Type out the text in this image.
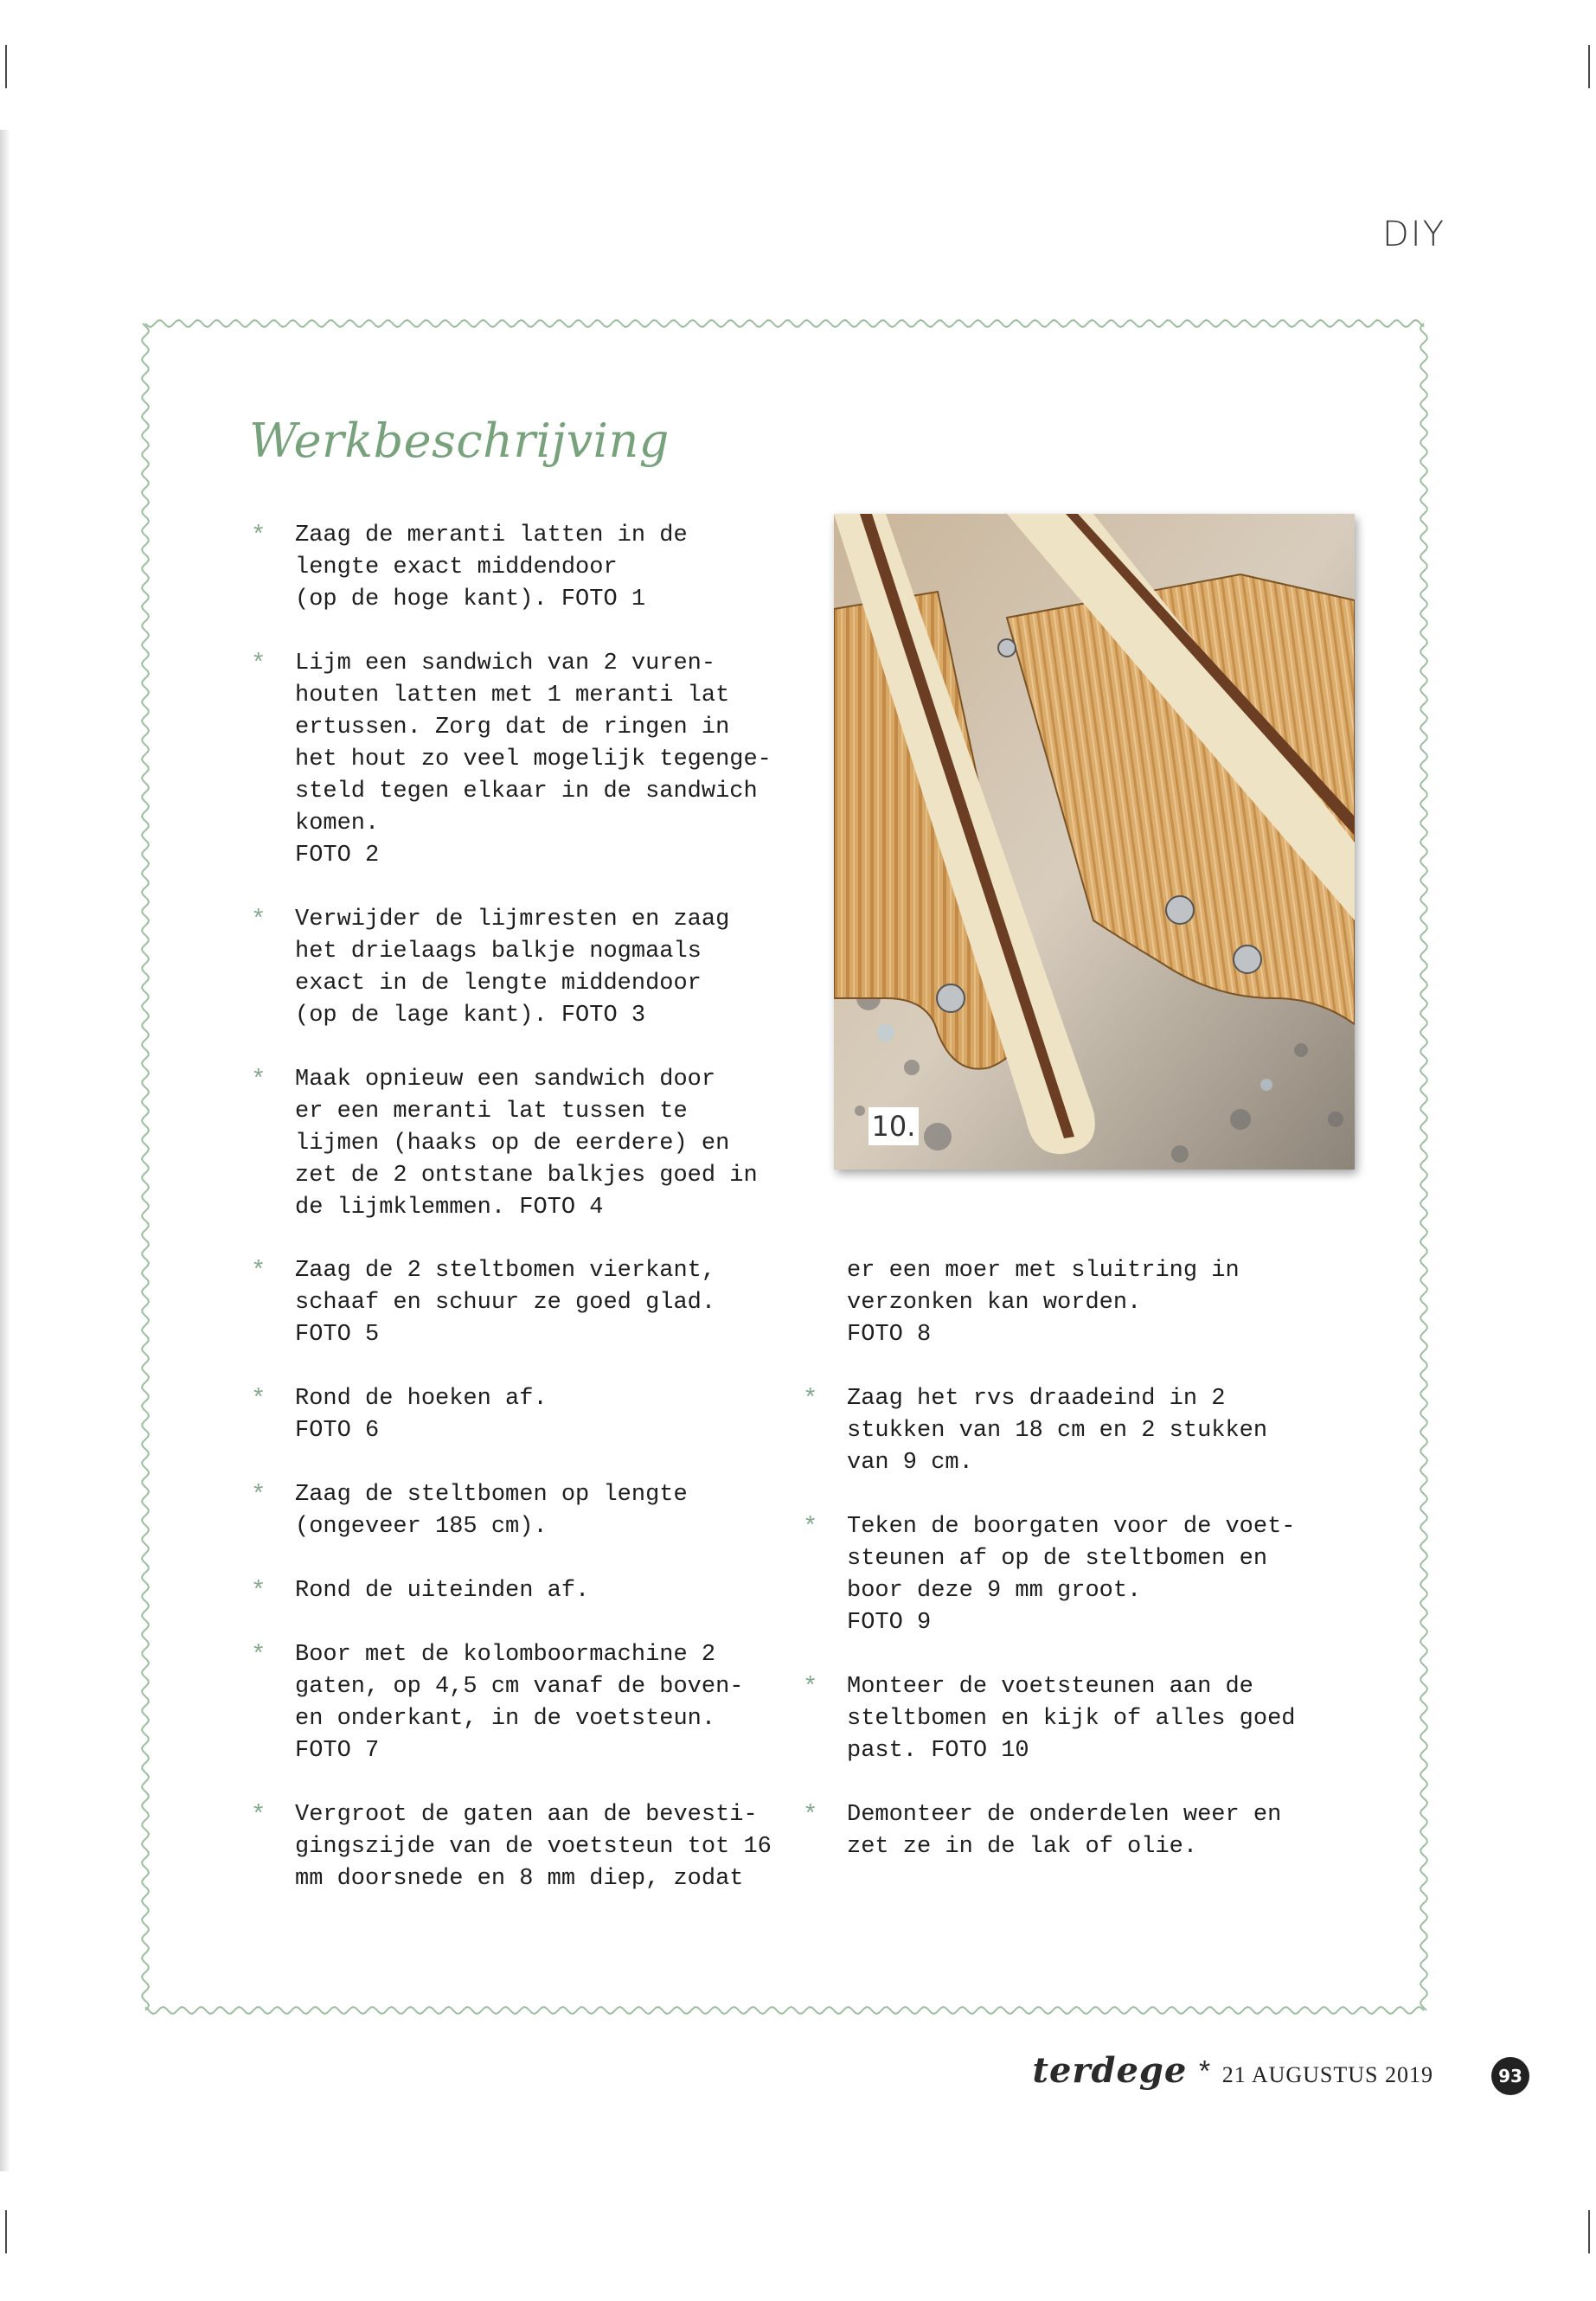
DIY
Werkbeschrijving
* Zaag de meranti latten in de
lengte exact middendoor
(op de hoge kant). FOTO 1
* Lijm een sandwich van 2 vuren-
houten latten met 1 meranti lat
ertussen. Zorg dat de ringen in
het hout zo veel mogelijk tegenge-
steld tegen elkaar in de sandwich
komen.
FOTO 2
* Verwijder de lijmresten en zaag
het drielaags balkje nogmaals
exact in de lengte middendoor
(op de lage kant). FOTO 3
* Maak opnieuw een sandwich door
er een meranti lat tussen te
lijmen (haaks op de eerdere) en
zet de 2 ontstane balkjes goed in
de lijmklemmen. FOTO 4
10.
* Zaag de 2 steltbomen vierkant,
schaaf en schuur ze goed glad.
FOTO 5
* Rond de hoeken af.
FOTO 6
* Zaag de steltbomen op lengte
(ongeveer 185 cm).
* Rond de uiteinden af.
* Boor met de kolomboormachine 2
gaten, op 4,5 cm vanaf de boven-
en onderkant, in de voetsteun.
FOTO 7
* Vergroot de gaten aan de bevesti-
gingszijde van de voetsteun tot 16
mm doorsnede en 8 mm diep, zodat
er een moer met sluitring in
verzonken kan worden.
FOTO 8
* Zaag het rvs draadeind in 2
stukken van 18 cm en 2 stukken
van 9 cm.
* Teken de boorgaten voor de voet-
steunen af op de steltbomen en
boor deze 9 mm groot.
FOTO 9
* Monteer de voetsteunen aan de
steltbomen en kijk of alles goed
past. FOTO 10
* Demonteer de onderdelen weer en
zet ze in de lak of olie.
terdege * 21 AUGUSTUS 2019	93
